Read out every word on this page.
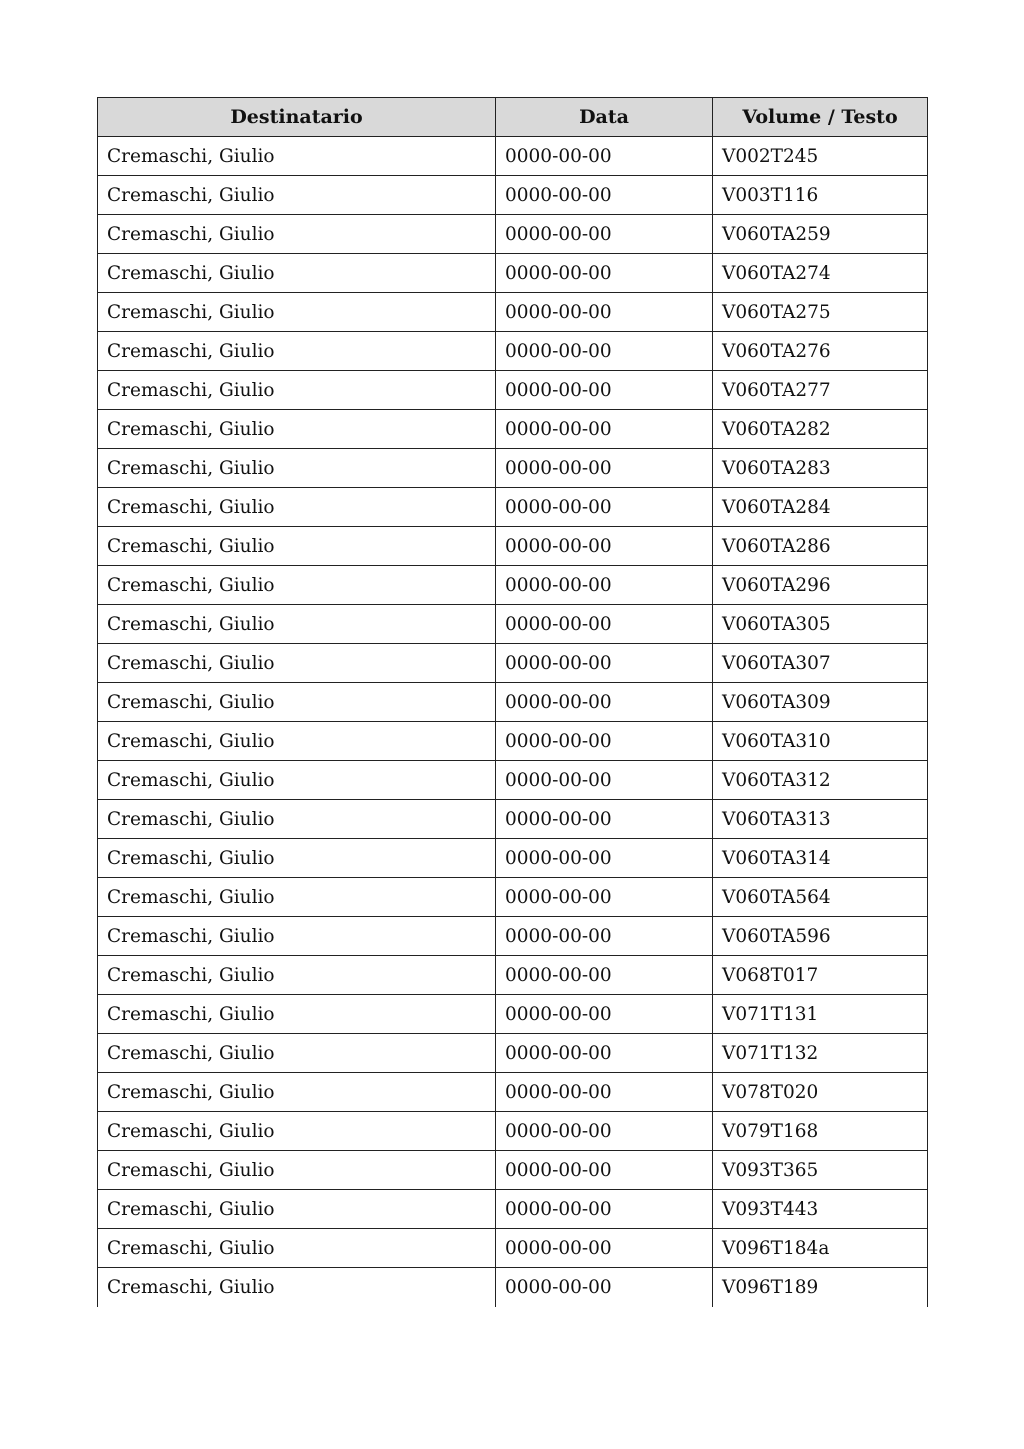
Destinatario	Data	Volume / Testo
Cremaschi, Giulio	0000-00-00	V002T245
Cremaschi, Giulio	0000-00-00	V003T116
Cremaschi, Giulio	0000-00-00	V060TA259
Cremaschi, Giulio	0000-00-00	V060TA274
Cremaschi, Giulio	0000-00-00	V060TA275
Cremaschi, Giulio	0000-00-00	V060TA276
Cremaschi, Giulio	0000-00-00	V060TA277
Cremaschi, Giulio	0000-00-00	V060TA282
Cremaschi, Giulio	0000-00-00	V060TA283
Cremaschi, Giulio	0000-00-00	V060TA284
Cremaschi, Giulio	0000-00-00	V060TA286
Cremaschi, Giulio	0000-00-00	V060TA296
Cremaschi, Giulio	0000-00-00	V060TA305
Cremaschi, Giulio	0000-00-00	V060TA307
Cremaschi, Giulio	0000-00-00	V060TA309
Cremaschi, Giulio	0000-00-00	V060TA310
Cremaschi, Giulio	0000-00-00	V060TA312
Cremaschi, Giulio	0000-00-00	V060TA313
Cremaschi, Giulio	0000-00-00	V060TA314
Cremaschi, Giulio	0000-00-00	V060TA564
Cremaschi, Giulio	0000-00-00	V060TA596
Cremaschi, Giulio	0000-00-00	V068T017
Cremaschi, Giulio	0000-00-00	V071T131
Cremaschi, Giulio	0000-00-00	V071T132
Cremaschi, Giulio	0000-00-00	V078T020
Cremaschi, Giulio	0000-00-00	V079T168
Cremaschi, Giulio	0000-00-00	V093T365
Cremaschi, Giulio	0000-00-00	V093T443
Cremaschi, Giulio	0000-00-00	V096T184a
Cremaschi, Giulio	0000-00-00	V096T189
